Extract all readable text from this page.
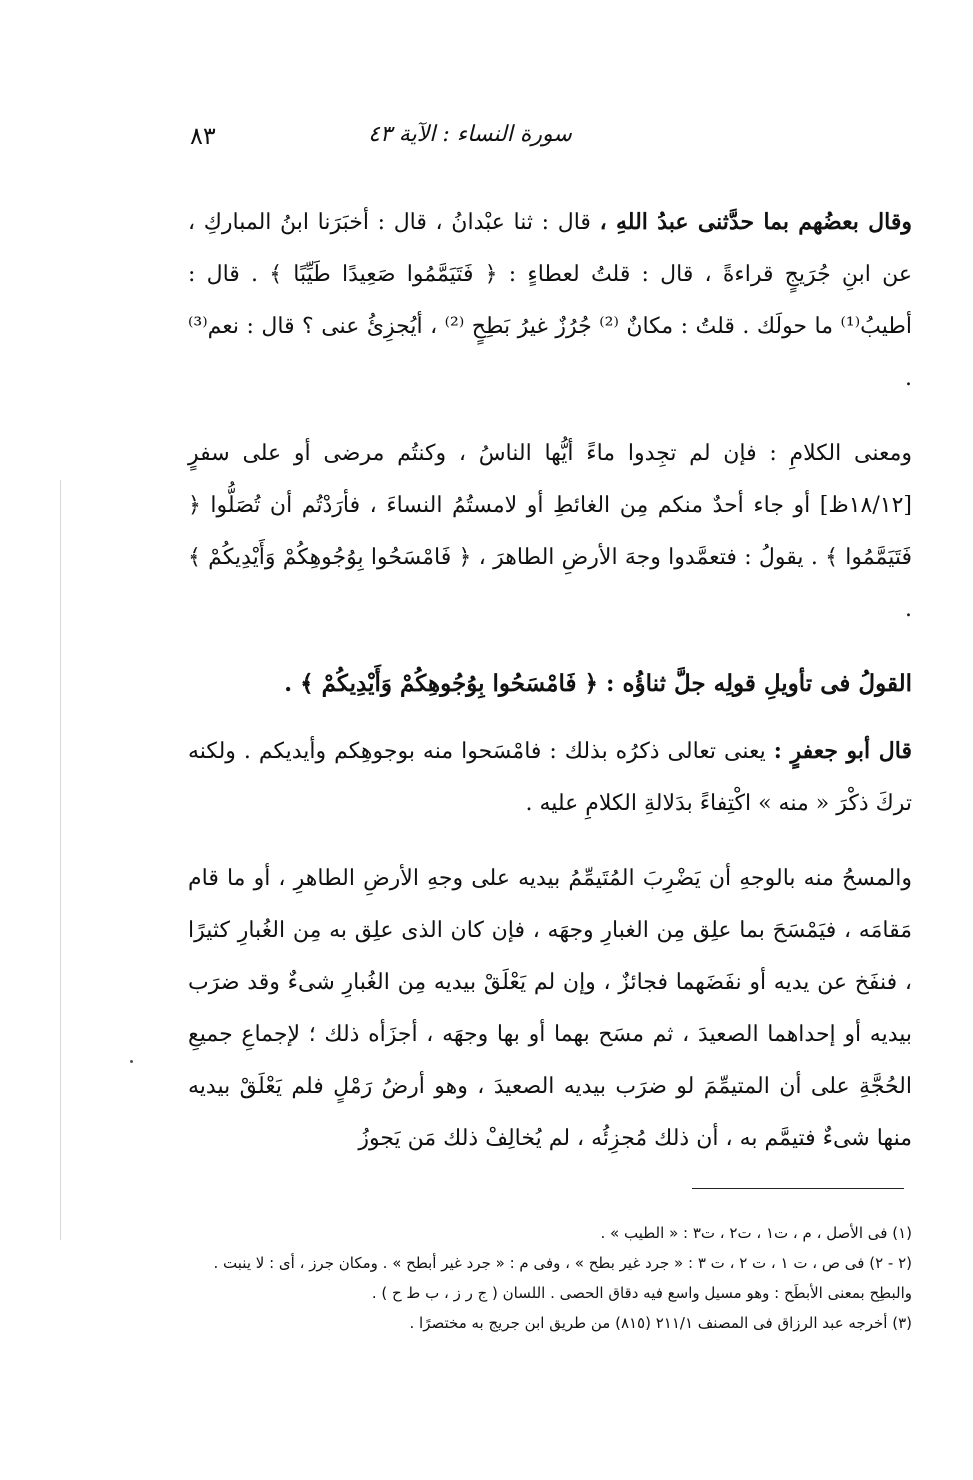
سورة النساء : الآية ٤٣
٨٣

وقال بعضُهم بما حدَّثنى عبدُ اللهِ ، قال : ثنا عبْدانُ ، قال : أخبَرَنا ابنُ المباركِ ، عن ابنِ جُرَيجٍ قراءةً ، قال : قلتُ لعطاءٍ : ﴿ فَتَيَمَّمُوا صَعِيدًا طَيِّبًا ﴾ . قال : أطيبُ⁽¹⁾ ما حولَك . قلتُ : مكانٌ ⁽²⁾ جُرُزٌ غيرُ بَطِحٍ ⁽²⁾ ، أيُجزِئُ عنى ؟ قال : نعم⁽³⁾ .

ومعنى الكلامِ : فإن لم تجِدوا ماءً أيُّها الناسُ ، وكنتُم مرضى أو على سفرٍ [١٨/١٢ظ] أو جاء أحدٌ منكم مِن الغائطِ أو لامستُمُ النساءَ ، فأرَدْتُم أن تُصَلُّوا ﴿ فَتَيَمَّمُوا ﴾ . يقولُ : فتعمَّدوا وجهَ الأرضِ الطاهرَ ، ﴿ فَامْسَحُوا بِوُجُوهِكُمْ وَأَيْدِيكُمْ ﴾ .

القولُ فى تأويلِ قولِه جلَّ ثناؤُه : ﴿ فَامْسَحُوا بِوُجُوهِكُمْ وَأَيْدِيكُمْ ﴾ .

قال أبو جعفرٍ : يعنى تعالى ذكرُه بذلك : فامْسَحوا منه بوجوهِكم وأيديكم . ولكنه تركَ ذكْرَ « منه » اكْتِفاءً بدَلالةِ الكلامِ عليه .

والمسحُ منه بالوجهِ أن يَضْرِبَ المُتَيمِّمُ بيديه على وجهِ الأرضِ الطاهرِ ، أو ما قام مَقامَه ، فيَمْسَحَ بما علِق مِن الغبارِ وجهَه ، فإن كان الذى علِق به مِن الغُبارِ كثيرًا ، فنفَخ عن يديه أو نفَضَهما فجائزٌ ، وإن لم يَعْلَقْ بيديه مِن الغُبارِ شىءٌ وقد ضرَب بيديه أو إحداهما الصعيدَ ، ثم مسَح بهما أو بها وجهَه ، أجزَأه ذلك ؛ لإجماعِ جميعِ الحُجَّةِ على أن المتيمِّمَ لو ضرَب بيديه الصعيدَ ، وهو أرضُ رَمْلٍ فلم يَعْلَقْ بيديه منها شىءٌ فتيمَّم به ، أن ذلك مُجزِئُه ، لم يُخالِفْ ذلك مَن يَجوزُ

(١) فى الأصل ، م ، ت١ ، ت٢ ، ت٣ : « الطيب » .

(٢ - ٢) فى ص ، ت ١ ، ت ٢ ، ت ٣ : « جرد غير بطح » ، وفى م : « جرد غير أبطح » . ومكان جرز ، أى : لا ينبت . والبطِح بمعنى الأبطَح : وهو مسيل واسع فيه دقاق الحصى . اللسان ( ج ر ز ، ب ط ح ) .

(٣) أخرجه عبد الرزاق فى المصنف ٢١١/١ (٨١٥) من طريق ابن جريج به مختصرًا .
